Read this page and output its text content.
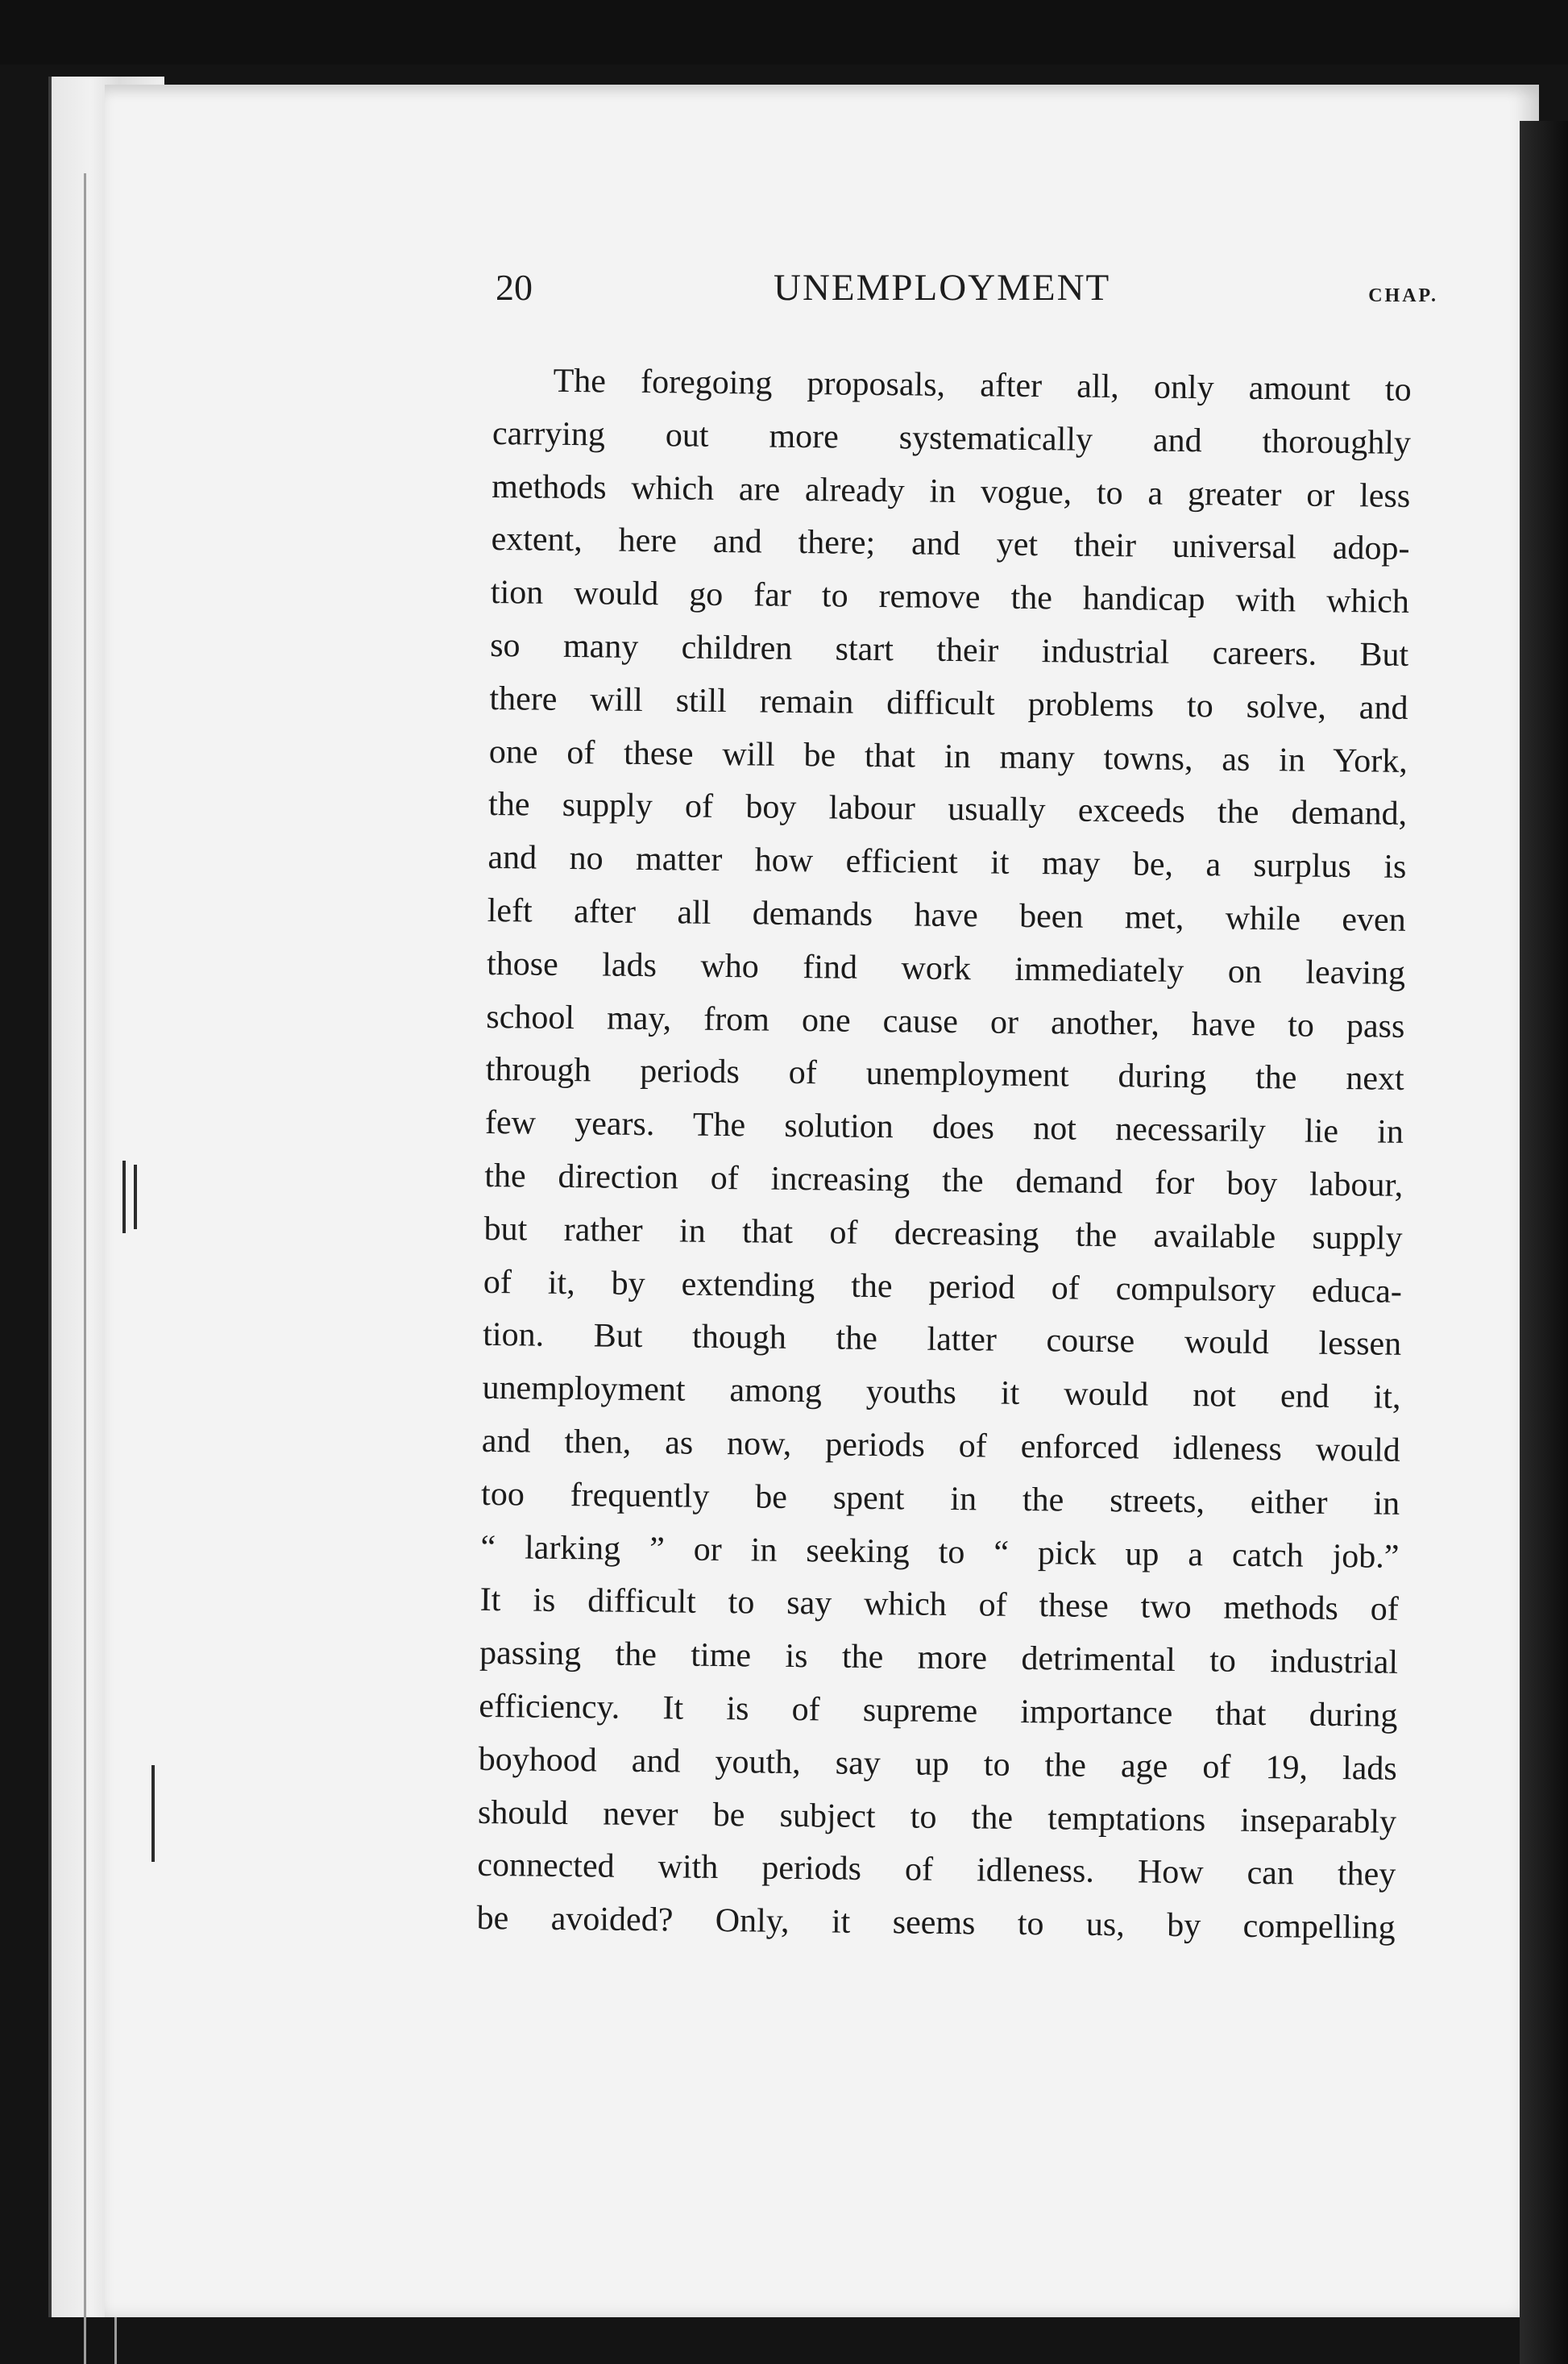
20	UNEMPLOYMENT	CHAP.
The foregoing proposals, after all, only amount to
carrying out more systematically and thoroughly
methods which are already in vogue, to a greater or less
extent, here and there; and yet their universal adop-
tion would go far to remove the handicap with which
so many children start their industrial careers. But
there will still remain difficult problems to solve, and
one of these will be that in many towns, as in York,
the supply of boy labour usually exceeds the demand,
and no matter how efficient it may be, a surplus is
left after all demands have been met, while even
those lads who find work immediately on leaving
school may, from one cause or another, have to pass
through periods of unemployment during the next
few years. The solution does not necessarily lie in
the direction of increasing the demand for boy labour,
but rather in that of decreasing the available supply
of it, by extending the period of compulsory educa-
tion. But though the latter course would lessen
unemployment among youths it would not end it,
and then, as now, periods of enforced idleness would
too frequently be spent in the streets, either in
“ larking ” or in seeking to “ pick up a catch job.”
It is difficult to say which of these two methods of
passing the time is the more detrimental to industrial
efficiency. It is of supreme importance that during
boyhood and youth, say up to the age of 19, lads
should never be subject to the temptations inseparably
connected with periods of idleness. How can they
be avoided? Only, it seems to us, by compelling
